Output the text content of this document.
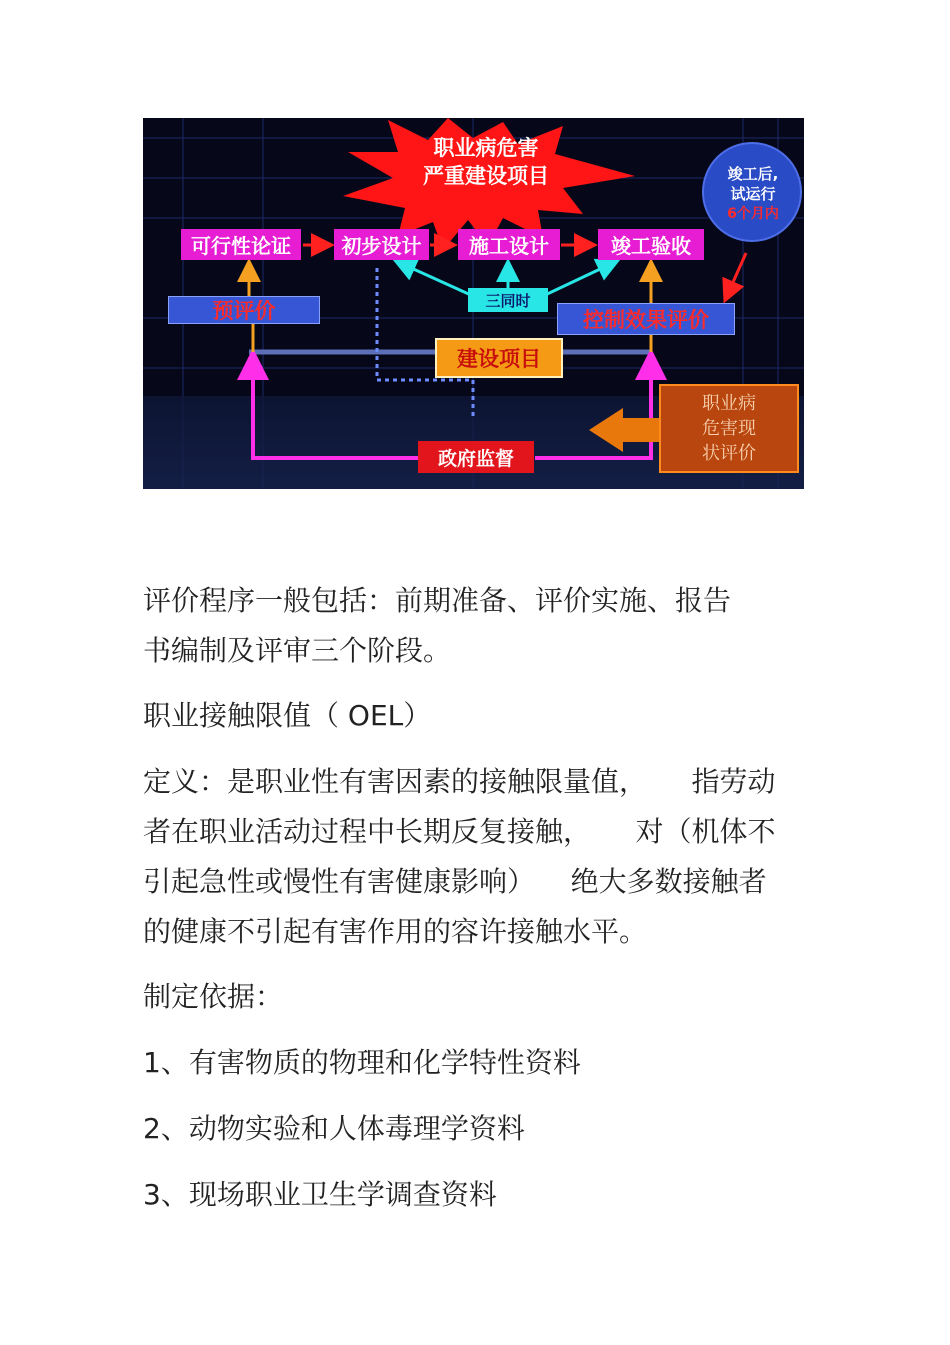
职业病危害
严重建设项目	竣工后,
试运行
6个月内
可行性论证	初步设计	施工设计	竣工验收
预评价	三同时
控制效果评价
建设项目
政府监督
职业病
危害现
状评价
评价程序一般包括：前期准备、评价实施、报告
书编制及评审三个阶段。
职业接触限值（ OEL）
定义：是职业性有害因素的接触限量值，     指劳动
者在职业活动过程中长期反复接触，     对（机体不
引起急性或慢性有害健康影响）    绝大多数接触者
的健康不引起有害作用的容许接触水平。
制定依据：
1、有害物质的物理和化学特性资料
2、动物实验和人体毒理学资料
3、现场职业卫生学调查资料
